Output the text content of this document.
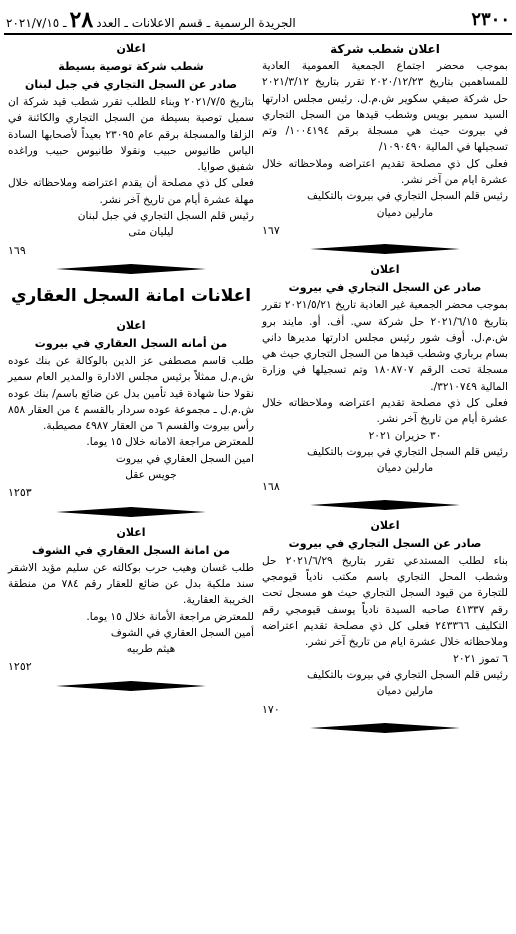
٢٣٠٠
الجريدة الرسمية ـ قسم الاعلانات ـ العدد
٢٨
ـ ٢٠٢١/٧/١٥
اعلان شطب شركة
بموجب محضر اجتماع الجمعية العمومية العادية للمساهمين بتاريخ ٢٠٢٠/١٢/٢٣ تقرر بتاريخ ٢٠٢١/٣/١٢ حل شركة صيفي سكوير ش.م.ل. رئيس مجلس ادارتها السيد سمير بويس وشطب قيدها من السجل التجاري في بيروت حيث هي مسجلة برقم ١٠٠٤١٩٤/ وتم تسجيلها في المالية ١٠٩٠٤٩٠/
فعلى كل ذي مصلحة تقديم اعتراضه وملاحظاته خلال عشرة ايام من آخر نشر.
رئيس قلم السجل التجاري في بيروت بالتكليف
مارلين دميان
١٦٧
اعلان
صادر عن السجل التجاري في بيروت
بموجب محضر الجمعية غير العادية تاريخ ٢٠٢١/٥/٢١ تقرر بتاريخ ٢٠٢١/٦/١٥ حل شركة سي. أف. أو. مايند برو ش.م.ل. أوف شور رئيس مجلس ادارتها مديرها داني بسام برباري وشطب قيدها من السجل التجاري حيث هي مسجلة تحت الرقم ١٨٠٨٧٠٧ وتم تسجيلها في وزارة المالية ٣٢١٠٧٤٩/.
فعلى كل ذي مصلحة تقديم اعتراضه وملاحظاته خلال عشرة أيام من تاريخ آخر نشر.
٣٠ حزيران ٢٠٢١
رئيس قلم السجل التجاري في بيروت بالتكليف
مارلين دميان
١٦٨
اعلان
صادر عن السجل التجاري في بيروت
بناء لطلب المستدعي تقرر بتاريخ ٢٠٢١/٦/٢٩ حل وشطب المحل التجاري باسم مكتب نادياً قيومجي للتجارة من قيود السجل التجاري حيث هو مسجل تحت رقم ٤١٣٣٧ صاحبه السيدة نادياً يوسف قيومجي رقم التكليف ٢٤٣٣٦٦ فعلى كل ذي مصلحة تقديم اعتراضه وملاحظاته خلال عشرة ايام من تاريخ آخر نشر.
٦ تموز ٢٠٢١
رئيس قلم السجل التجاري في بيروت بالتكليف
مارلين دميان
١٧٠
اعلان
شطب شركة توصية بسيطة
صادر عن السجل التجاري في جبل لبنان
بتاريخ ٢٠٢١/٧/٥ وبناء للطلب تقرر شطب قيد شركة ان سميل توصية بسيطة من السجل التجاري والكائنة في الزلقا والمسجلة برقم عام ٢٣٠٩٥ بعيداً لأصحابها السادة الياس طانيوس حبيب ونقولا طانيوس حبيب وراغده شفيق صوايا.
فعلى كل ذي مصلحة أن يقدم اعتراضه وملاحظاته خلال مهلة عشرة أيام من تاريخ آخر نشر.
رئيس قلم السجل التجاري في جبل لبنان
ليليان متى
١٦٩
اعلانات امانة السجل العقاري
اعلان
من أمانه السجل العقاري في بيروت
طلب قاسم مصطفى عز الدين بالوكالة عن بنك عوده ش.م.ل ممثلاً برئيس مجلس الادارة والمدير العام سمير نقولا حنا شهادة قيد تأمين بدل عن ضائع باسم/ بنك عوده ش.م.ل ـ مجموعة عوده سردار بالقسم ٤ من العقار ٨٥٨ رأس بيروت والقسم ٦ من العقار ٤٩٨٧ مصيطبة.
للمعترض مراجعة الامانه خلال ١٥ يوما.
امين السجل العقاري في بيروت
جويس عقل
١٢٥٣
اعلان
من امانة السجل العقاري في الشوف
طلب غسان وهيب حرب بوكالته عن سليم مؤيد الاشقر سند ملكية بدل عن ضائع للعقار رقم ٧٨٤ من منطقة الخريبة العقارية.
للمعترض مراجعة الأمانة خلال ١٥ يوما.
أمين السجل العقاري في الشوف
هيثم طربيه
١٢٥٢
